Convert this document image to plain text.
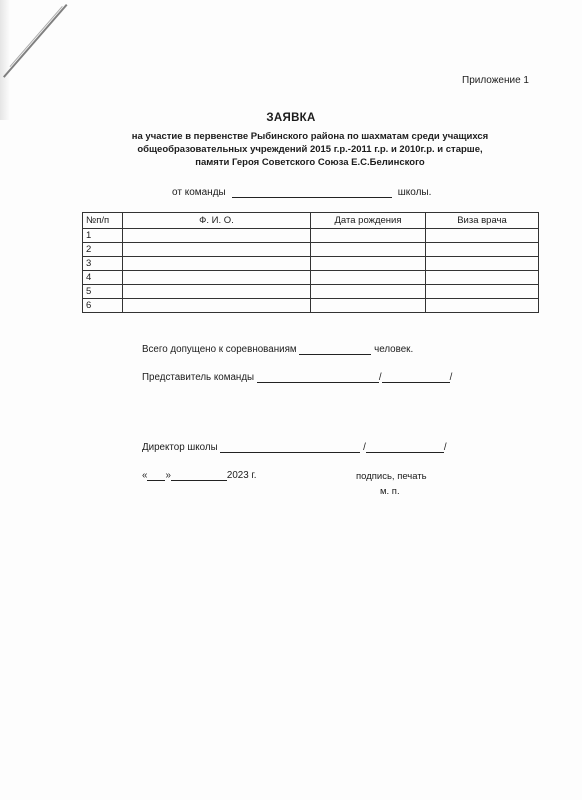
Приложение 1
ЗАЯВКА
на участие в первенстве Рыбинского района по шахматам среди учащихся
общеобразовательных учреждений 2015 г.р.-2011 г.р. и 2010г.р. и старше,
памяти Героя Советского Союза Е.С.Белинского
от команды	школы.
№п/п	Ф. И. О.	Дата рождения	Виза врача
1			
2			
3			
4			
5			
6			
Всего допущено к соревнованиям	человек.
Представитель команды	/	/
Директор школы	/	/
« »	2023 г.	подпись, печать
м. п.
